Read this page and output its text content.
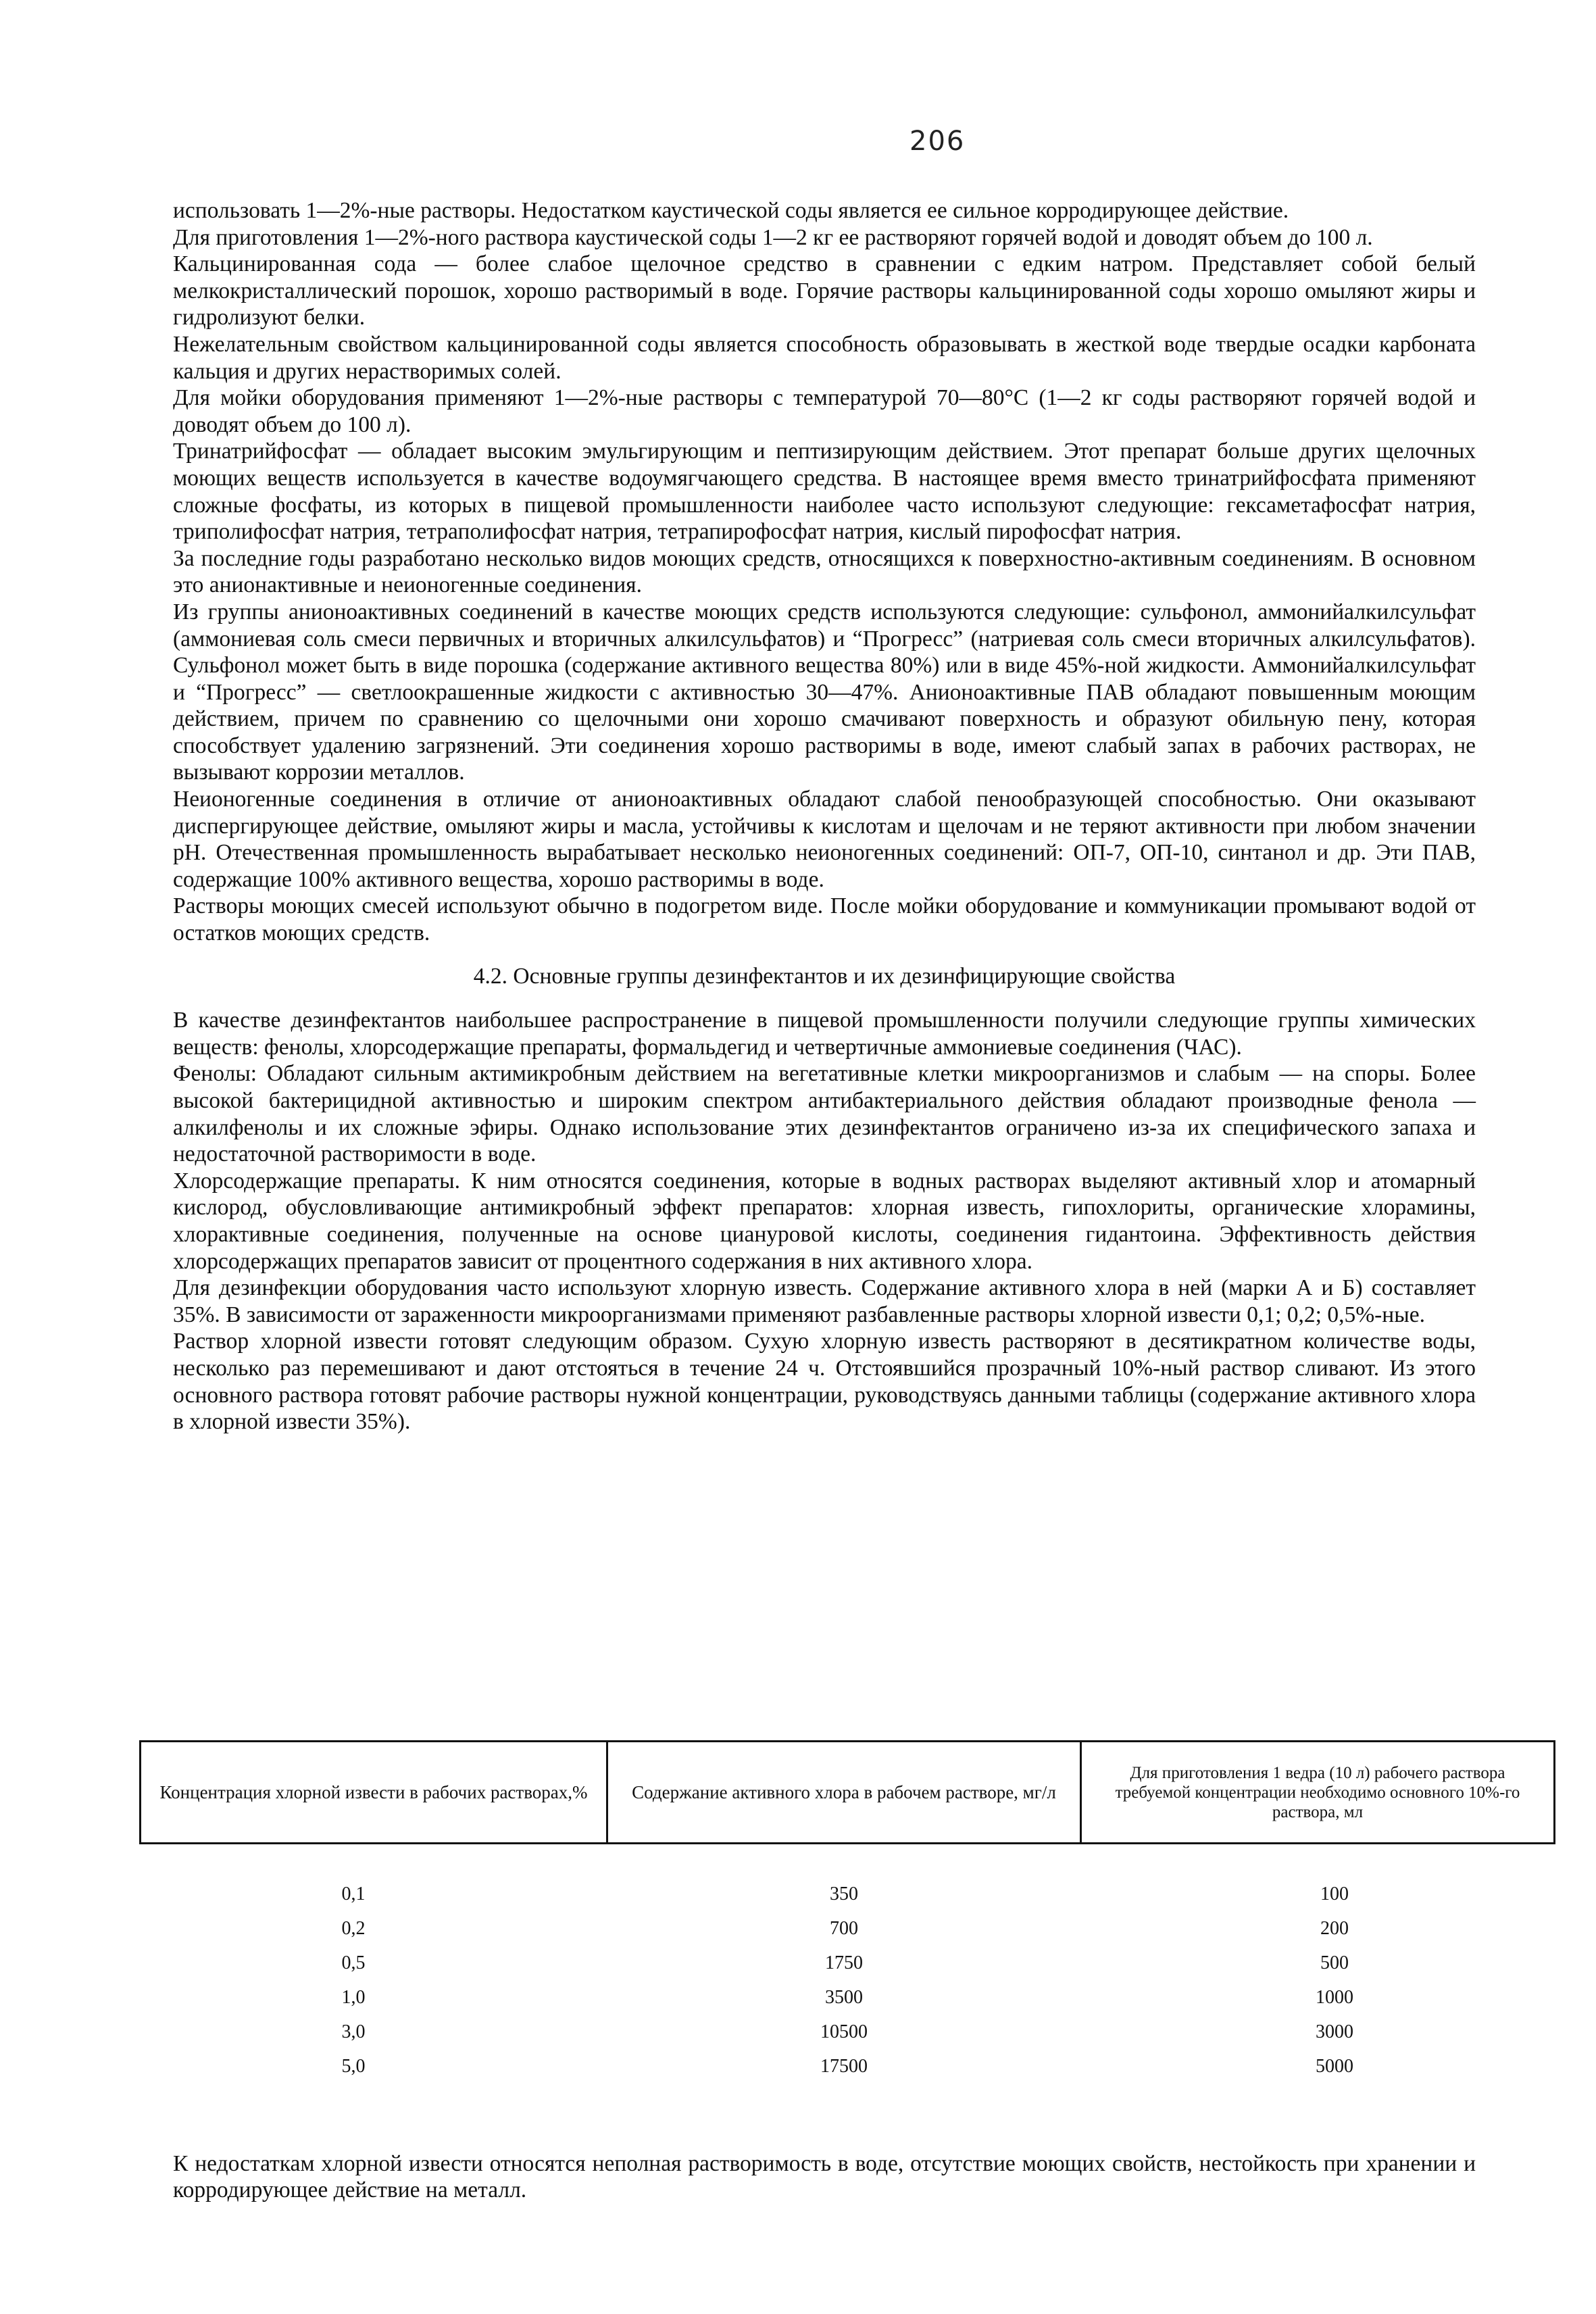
206

использовать 1—2%-ные растворы. Недостатком каустической соды является ее сильное корродирующее действие.

Для приготовления 1—2%-ного раствора каустической соды 1—2 кг ее растворяют горячей водой и доводят объем до 100 л.

Кальцинированная сода — более слабое щелочное средство в сравнении с едким натром. Представляет собой белый мелкокристаллический порошок, хорошо растворимый в воде. Горячие растворы кальцинированной соды хорошо омыляют жиры и гидролизуют белки.

Нежелательным свойством кальцинированной соды является способность образовывать в жесткой воде твердые осадки карбоната кальция и других нерастворимых солей.

Для мойки оборудования применяют 1—2%-ные растворы с температурой 70—80°С (1—2 кг соды растворяют горячей водой и доводят объем до 100 л).

Тринатрийфосфат — обладает высоким эмульгирующим и пептизирующим действием. Этот препарат больше других щелочных моющих веществ используется в качестве водоумягчающего средства. В настоящее время вместо тринатрийфосфата применяют сложные фосфаты, из которых в пищевой промышленности наиболее часто используют следующие: гексаметафосфат натрия, триполифосфат натрия, тетраполифосфат натрия, тетрапирофосфат натрия, кислый пирофосфат натрия.

За последние годы разработано несколько видов моющих средств, относящихся к поверхностно-активным соединениям. В основном это анионактивные и неионогенные соединения.

Из группы анионоактивных соединений в качестве моющих средств используются следующие: сульфонол, аммонийалкилсульфат (аммониевая соль смеси первичных и вторичных алкилсульфатов) и “Прогресс” (натриевая соль смеси вторичных алкилсульфатов). Сульфонол может быть в виде порошка (содержание активного вещества 80%) или в виде 45%-ной жидкости. Аммонийалкилсульфат и “Прогресс” — светлоокрашенные жидкости с активностью 30—47%. Анионоактивные ПАВ обладают повышенным моющим действием, причем по сравнению со щелочными они хорошо смачивают поверхность и образуют обильную пену, которая способствует удалению загрязнений. Эти соединения хорошо растворимы в воде, имеют слабый запах в рабочих растворах, не вызывают коррозии металлов.

Неионогенные соединения в отличие от анионоактивных обладают слабой пенообразующей способностью. Они оказывают диспергирующее действие, омыляют жиры и масла, устойчивы к кислотам и щелочам и не теряют активности при любом значении pH. Отечественная промышленность вырабатывает несколько неионогенных соединений: ОП-7, ОП-10, синтанол и др. Эти ПАВ, содержащие 100% активного вещества, хорошо растворимы в воде.

Растворы моющих смесей используют обычно в подогретом виде. После мойки оборудование и коммуникации промывают водой от остатков моющих средств.

4.2. Основные группы дезинфектантов и их дезинфицирующие свойства

В качестве дезинфектантов наибольшее распространение в пищевой промышленности получили следующие группы химических веществ: фенолы, хлорсодержащие препараты, формальдегид и четвертичные аммониевые соединения (ЧАС).

Фенолы: Обладают сильным актимикробным действием на вегетативные клетки микроорганизмов и слабым — на споры. Более высокой бактерицидной активностью и широким спектром антибактериального действия обладают производные фенола — алкилфенолы и их сложные эфиры. Однако использование этих дезинфектантов ограничено из-за их специфического запаха и недостаточной растворимости в воде.

Хлорсодержащие препараты. К ним относятся соединения, которые в водных растворах выделяют активный хлор и атомарный кислород, обусловливающие антимикробный эффект препаратов: хлорная известь, гипохлориты, органические хлорамины, хлорактивные соединения, полученные на основе циануровой кислоты, соединения гидантоина. Эффективность действия хлорсодержащих препаратов зависит от процентного содержания в них активного хлора.

Для дезинфекции оборудования часто используют хлорную известь. Содержание активного хлора в ней (марки А и Б) составляет 35%. В зависимости от зараженности микроорганизмами применяют разбавленные растворы хлорной извести 0,1; 0,2; 0,5%-ные.

Раствор хлорной извести готовят следующим образом. Сухую хлорную известь растворяют в десятикратном количестве воды, несколько раз перемешивают и дают отстояться в течение 24 ч. Отстоявшийся прозрачный 10%-ный раствор сливают. Из этого основного раствора готовят рабочие растворы нужной концентрации, руководствуясь данными таблицы (содержание активного хлора в хлорной извести 35%).

Концентрация хлорной извести в рабочих растворах,%	Содержание активного хлора в рабочем растворе, мг/л	Для приготовления 1 ведра (10 л) рабочего раствора требуемой концентрации необходимо основного 10%-го раствора, мл

0,1	350	100
0,2	700	200
0,5	1750	500
1,0	3500	1000
3,0	10500	3000
5,0	17500	5000

К недостаткам хлорной извести относятся неполная растворимость в воде, отсутствие моющих свойств, нестойкость при хранении и корродирующее действие на металл.
